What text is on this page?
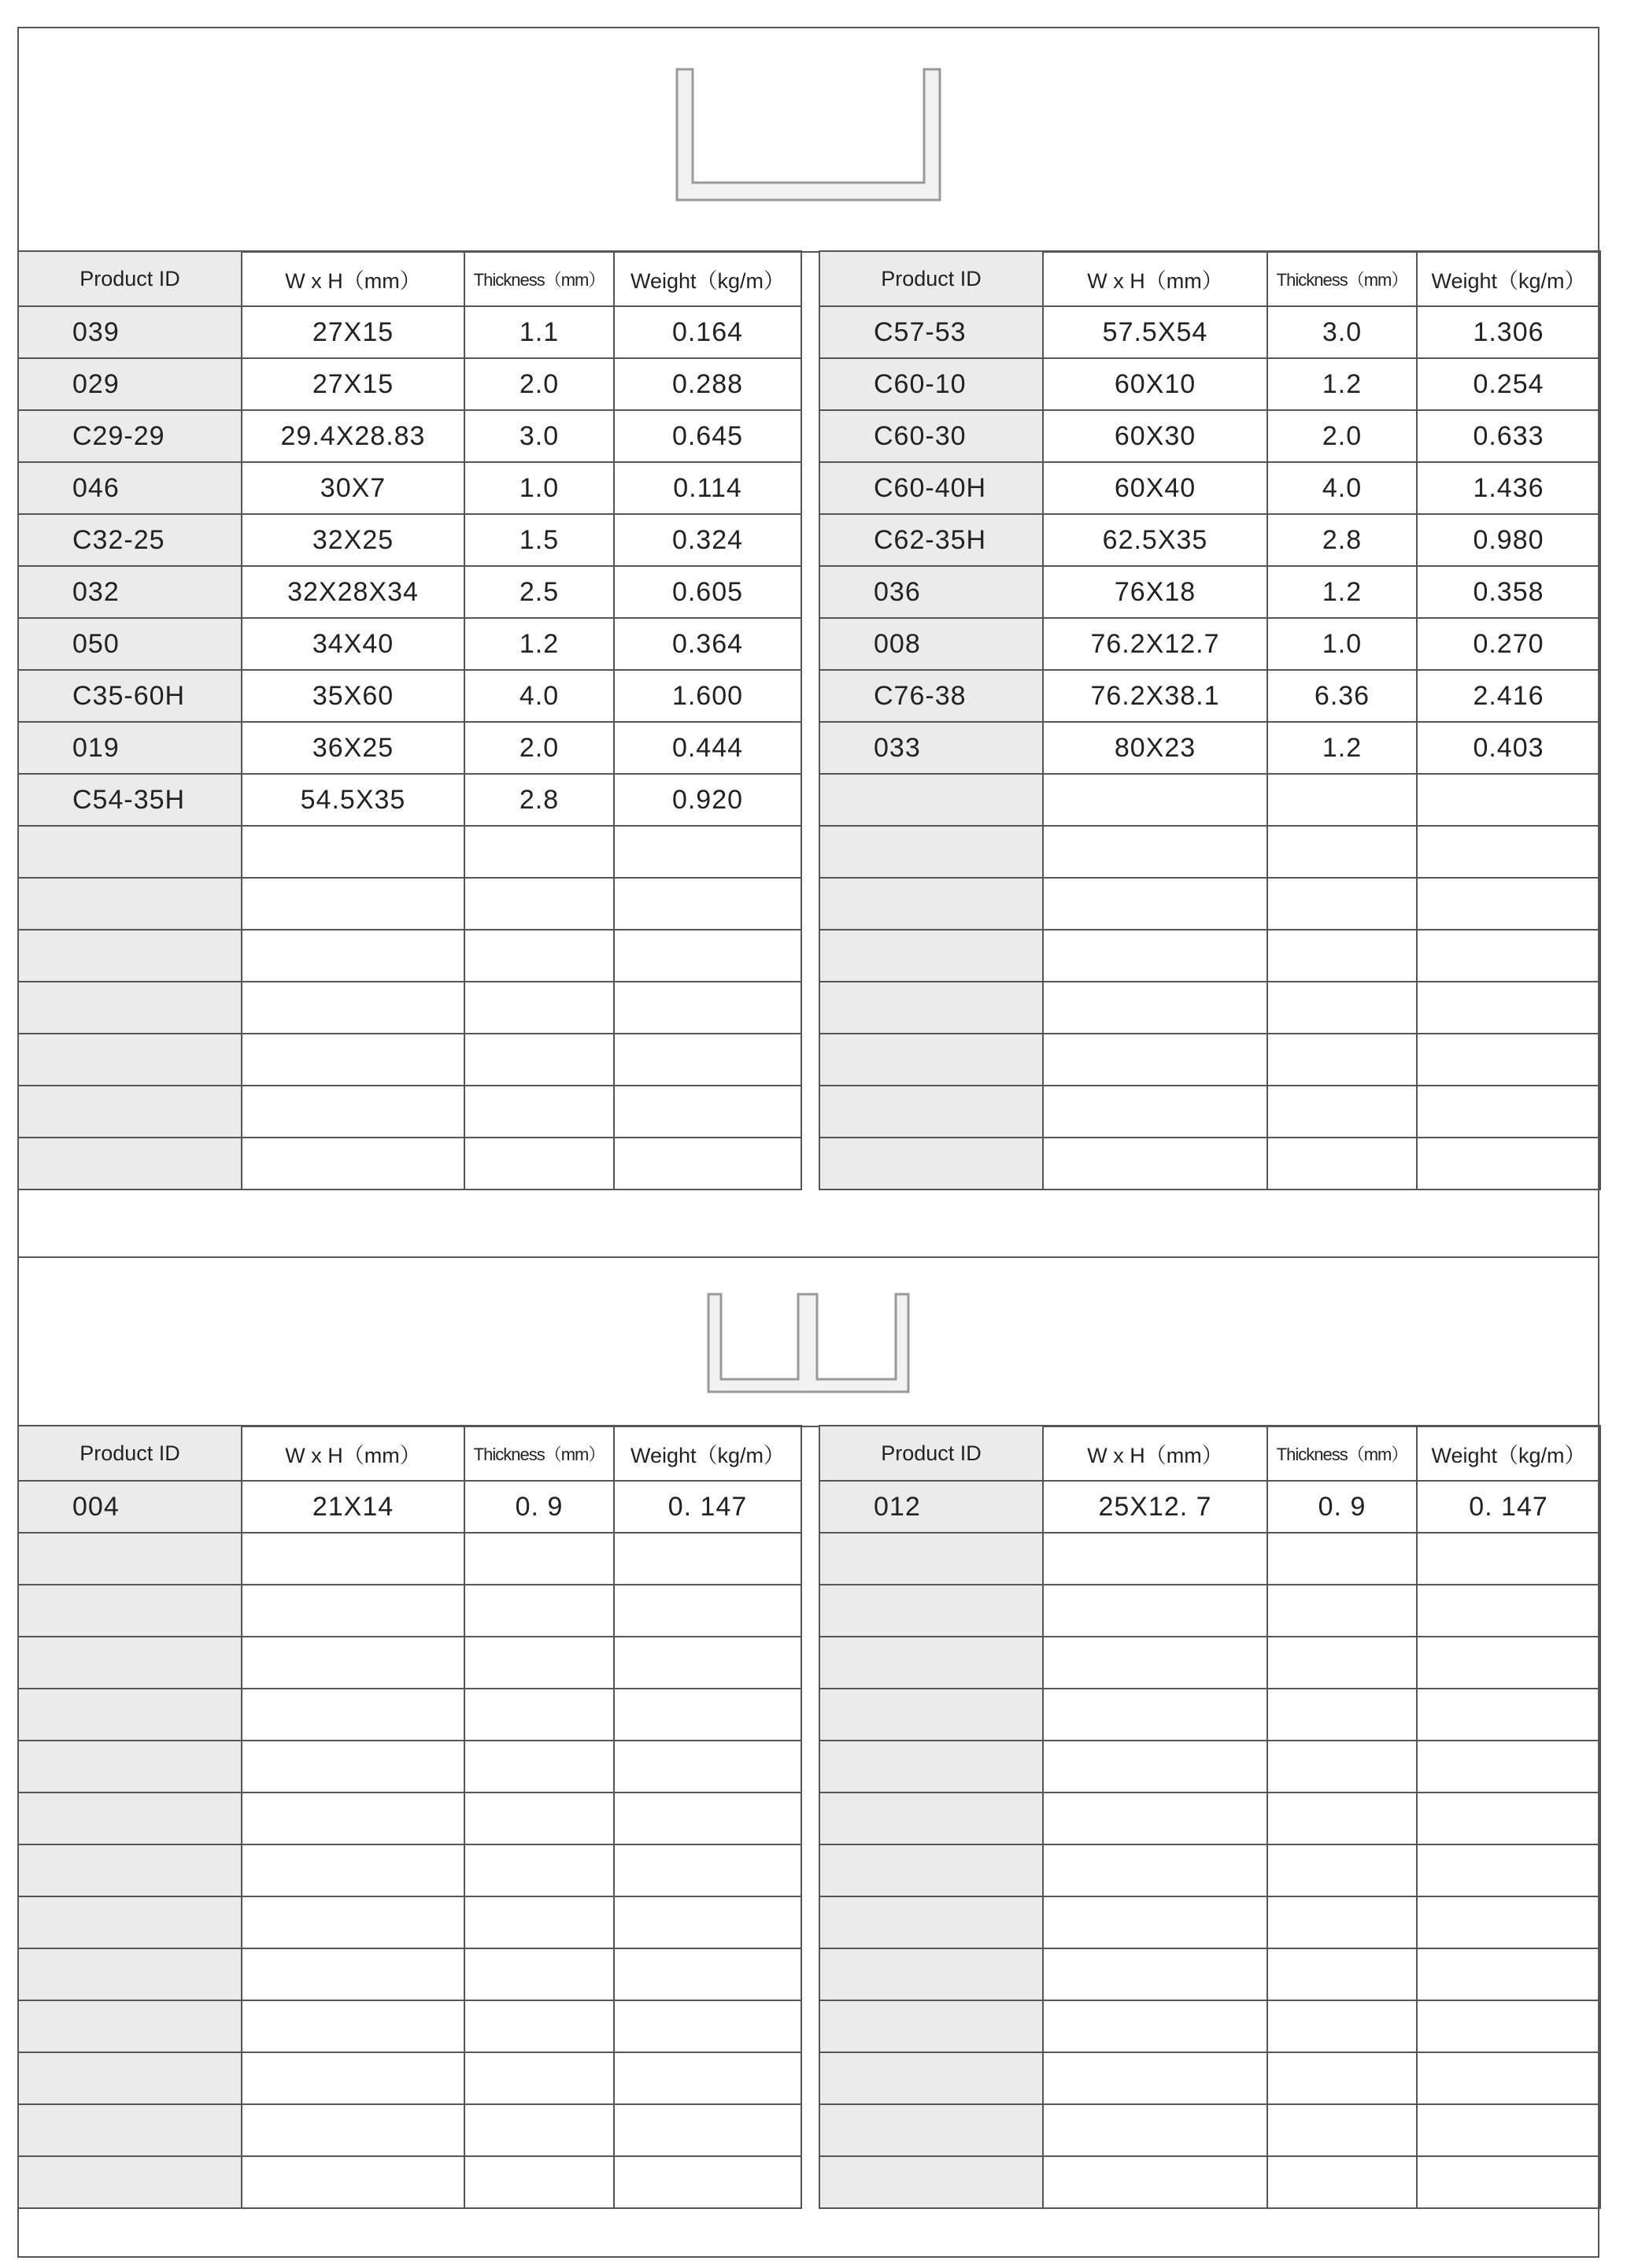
Product ID	W x H（mm）	Thickness（mm）	Weight（kg/m）
039	27X15	1.1	0.164
029	27X15	2.0	0.288
C29-29	29.4X28.83	3.0	0.645
046	30X7	1.0	0.114
C32-25	32X25	1.5	0.324
032	32X28X34	2.5	0.605
050	34X40	1.2	0.364
C35-60H	35X60	4.0	1.600
019	36X25	2.0	0.444
C54-35H	54.5X35	2.8	0.920

Product ID	W x H（mm）	Thickness（mm）	Weight（kg/m）
C57-53	57.5X54	3.0	1.306
C60-10	60X10	1.2	0.254
C60-30	60X30	2.0	0.633
C60-40H	60X40	4.0	1.436
C62-35H	62.5X35	2.8	0.980
036	76X18	1.2	0.358
008	76.2X12.7	1.0	0.270
C76-38	76.2X38.1	6.36	2.416
033	80X23	1.2	0.403

Product ID	W x H（mm）	Thickness（mm）	Weight（kg/m）
004	21X14	0. 9	0. 147

Product ID	W x H（mm）	Thickness（mm）	Weight（kg/m）
012	25X12. 7	0. 9	0. 147
